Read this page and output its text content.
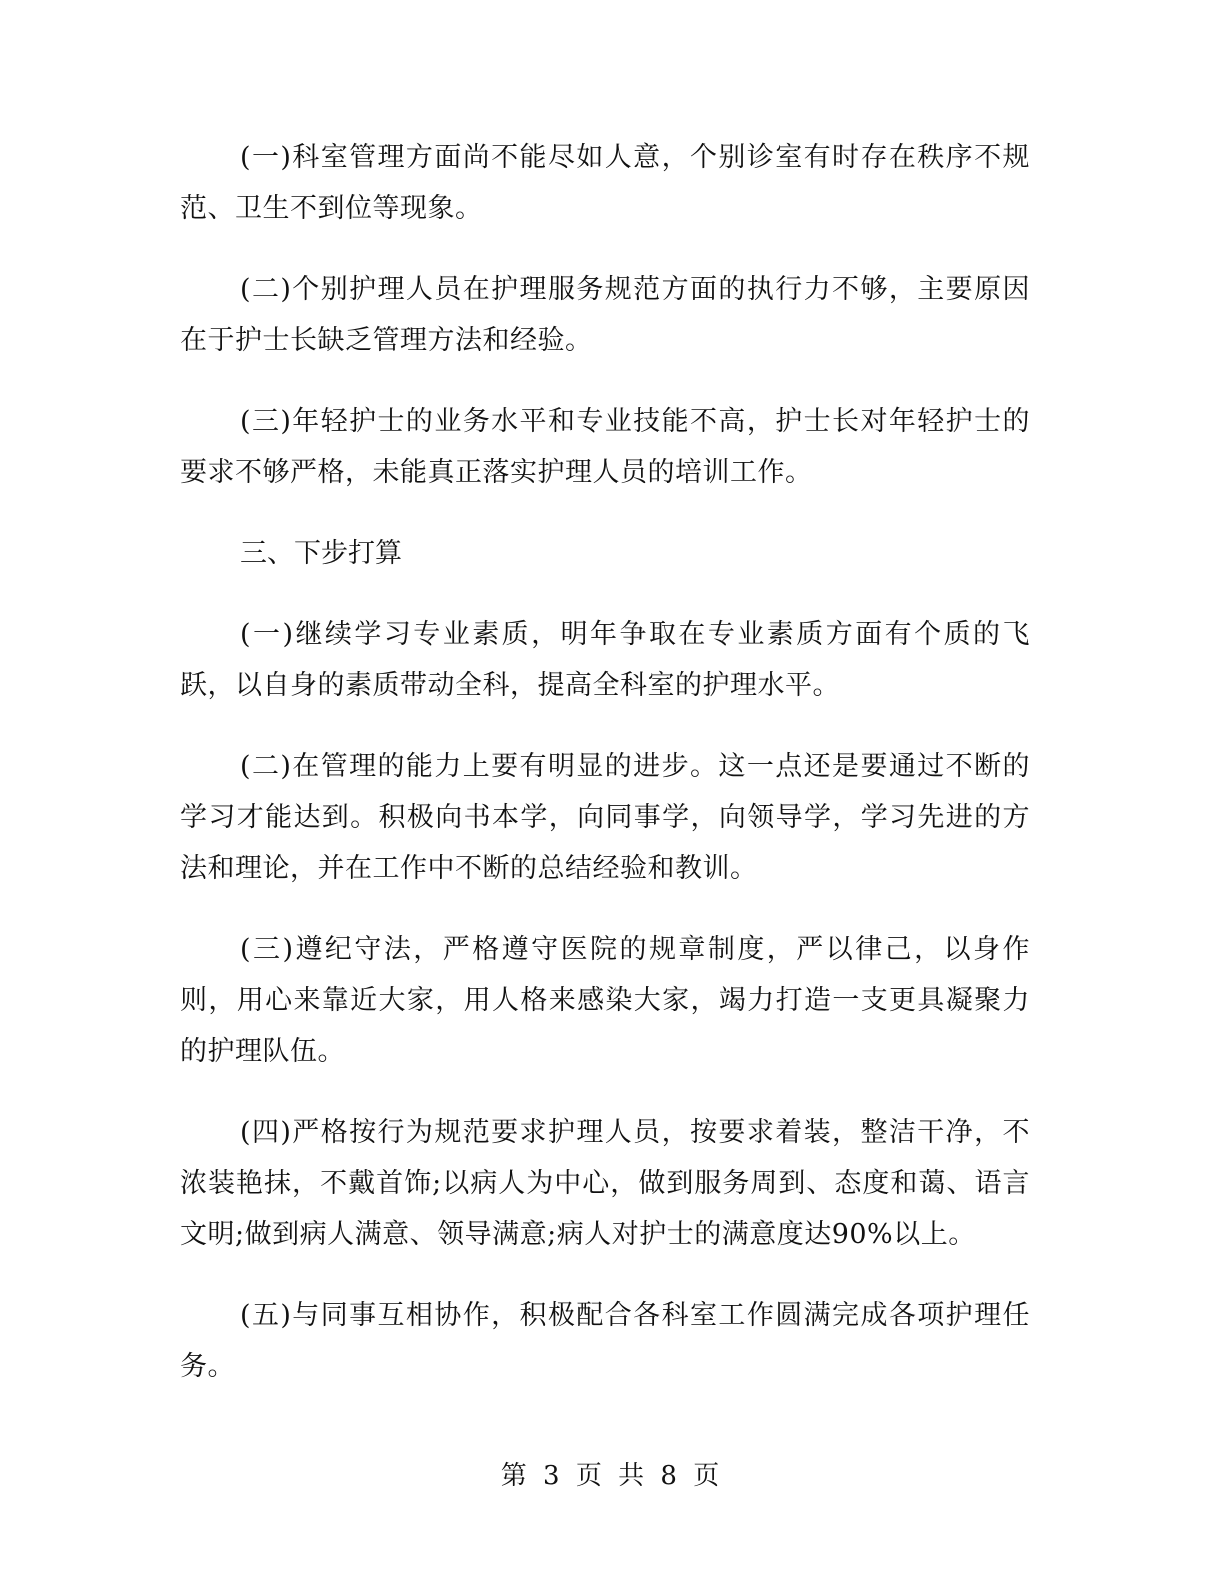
(一)科室管理方面尚不能尽如人意，个别诊室有时存在秩序不规范、卫生不到位等现象。

(二)个别护理人员在护理服务规范方面的执行力不够，主要原因在于护士长缺乏管理方法和经验。

(三)年轻护士的业务水平和专业技能不高，护士长对年轻护士的要求不够严格，未能真正落实护理人员的培训工作。

三、下步打算

(一)继续学习专业素质，明年争取在专业素质方面有个质的飞跃，以自身的素质带动全科，提高全科室的护理水平。

(二)在管理的能力上要有明显的进步。这一点还是要通过不断的学习才能达到。积极向书本学，向同事学，向领导学，学习先进的方法和理论，并在工作中不断的总结经验和教训。

(三)遵纪守法，严格遵守医院的规章制度，严以律己，以身作则，用心来靠近大家，用人格来感染大家，竭力打造一支更具凝聚力的护理队伍。

(四)严格按行为规范要求护理人员，按要求着装，整洁干净，不浓装艳抹，不戴首饰;以病人为中心，做到服务周到、态度和蔼、语言文明;做到病人满意、领导满意;病人对护士的满意度达90%以上。

(五)与同事互相协作，积极配合各科室工作圆满完成各项护理任务。

第 3 页 共 8 页
